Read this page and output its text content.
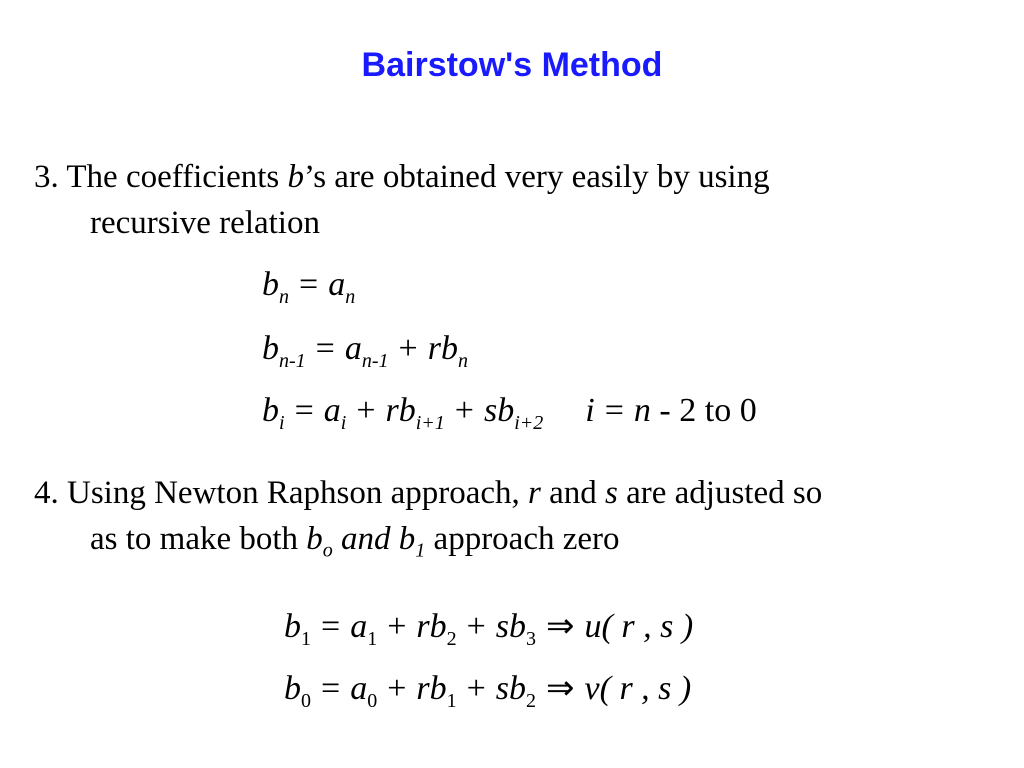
Bairstow's Method
3. The coefficients b’s are obtained very easily by using
recursive relation
$b_n = a_n$
$b_{n-1} = a_{n-1} + rb_n$
$b_i = a_i + rb_{i+1} + sb_{i+2}$ i = n - 2 to 0
4. Using Newton Raphson approach, r and s are adjusted so
as to make both $b_o$ and $b_1$ approach zero
$b_1 = a_1 + rb_2 + sb_3$ ⇒ u( r , s )
$b_0 = a_0 + rb_1 + sb_2$ ⇒ v( r , s )
